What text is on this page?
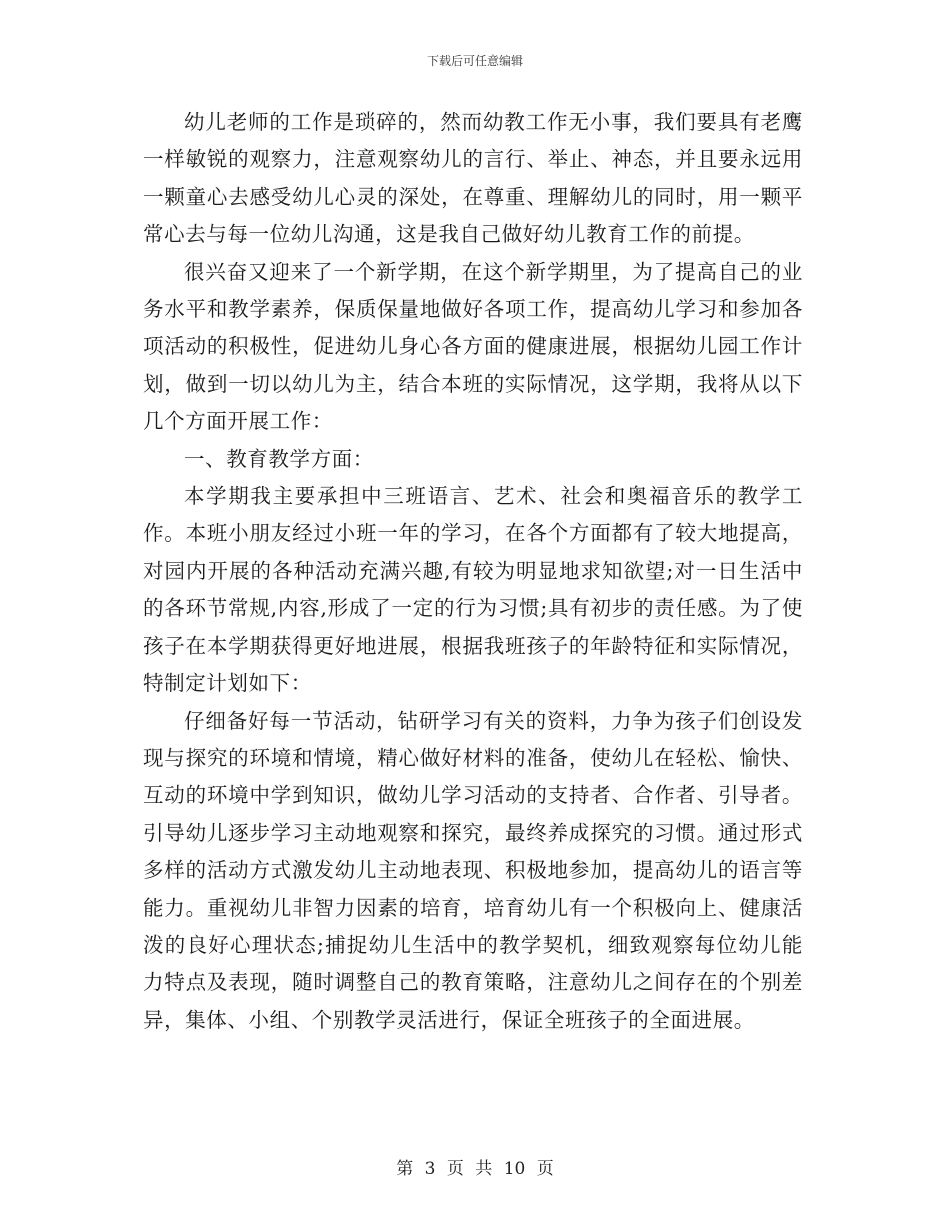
下载后可任意编辑

幼儿老师的工作是琐碎的，然而幼教工作无小事，我们要具有老鹰一样敏锐的观察力，注意观察幼儿的言行、举止、神态，并且要永远用一颗童心去感受幼儿心灵的深处，在尊重、理解幼儿的同时，用一颗平常心去与每一位幼儿沟通，这是我自己做好幼儿教育工作的前提。

很兴奋又迎来了一个新学期，在这个新学期里，为了提高自己的业务水平和教学素养，保质保量地做好各项工作，提高幼儿学习和参加各项活动的积极性，促进幼儿身心各方面的健康进展，根据幼儿园工作计划，做到一切以幼儿为主，结合本班的实际情况，这学期，我将从以下几个方面开展工作：

一、教育教学方面：

本学期我主要承担中三班语言、艺术、社会和奥福音乐的教学工作。本班小朋友经过小班一年的学习，在各个方面都有了较大地提高，对园内开展的各种活动充满兴趣,有较为明显地求知欲望;对一日生活中的各环节常规,内容,形成了一定的行为习惯;具有初步的责任感。为了使孩子在本学期获得更好地进展，根据我班孩子的年龄特征和实际情况，特制定计划如下：

仔细备好每一节活动，钻研学习有关的资料，力争为孩子们创设发现与探究的环境和情境，精心做好材料的准备，使幼儿在轻松、愉快、互动的环境中学到知识，做幼儿学习活动的支持者、合作者、引导者。引导幼儿逐步学习主动地观察和探究，最终养成探究的习惯。通过形式多样的活动方式激发幼儿主动地表现、积极地参加，提高幼儿的语言等能力。重视幼儿非智力因素的培育，培育幼儿有一个积极向上、健康活泼的良好心理状态;捕捉幼儿生活中的教学契机，细致观察每位幼儿能力特点及表现，随时调整自己的教育策略，注意幼儿之间存在的个别差异，集体、小组、个别教学灵活进行，保证全班孩子的全面进展。

第 3 页 共 10 页
